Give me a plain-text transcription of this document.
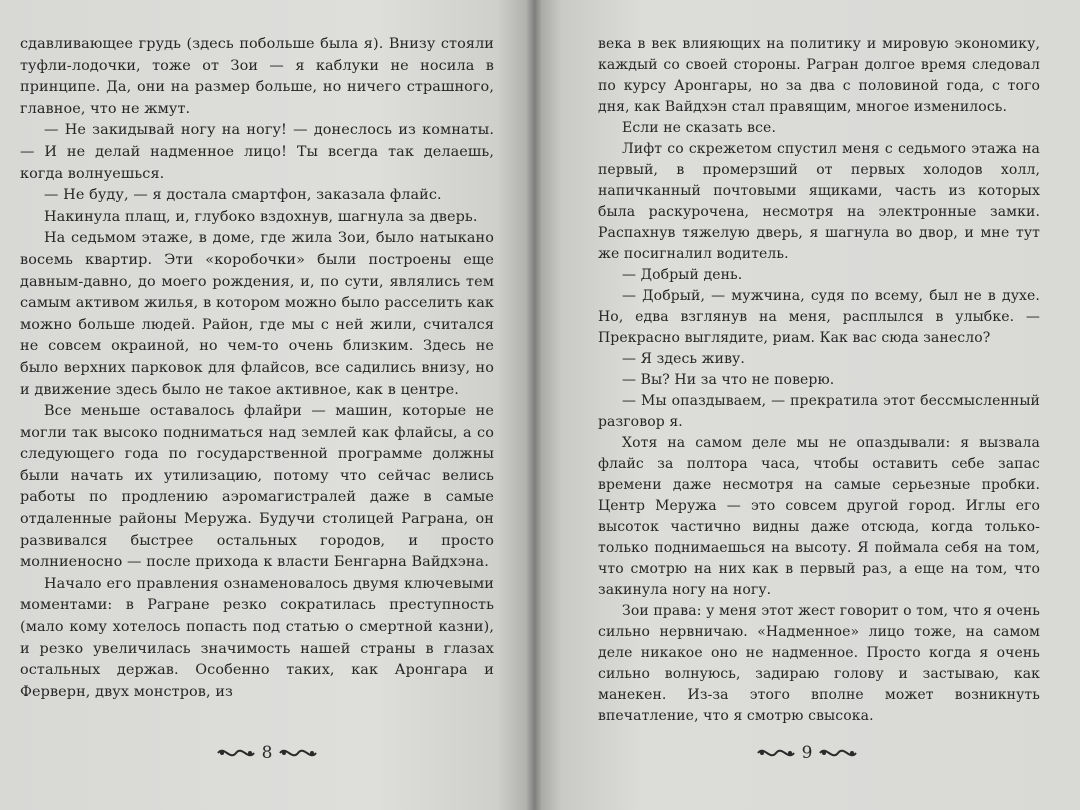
сдавливающее грудь (здесь побольше была я). Внизу стояли туфли-лодочки, тоже от Зои — я каблуки не носила в принципе. Да, они на размер больше, но ничего страшного, главное, что не жмут.

— Не закидывай ногу на ногу! — донеслось из комнаты. — И не делай надменное лицо! Ты всегда так делаешь, когда волнуешься.

— Не буду, — я достала смартфон, заказала флайс.

Накинула плащ, и, глубоко вздохнув, шагнула за дверь.

На седьмом этаже, в доме, где жила Зои, было натыкано восемь квартир. Эти «коробочки» были построены еще давным-давно, до моего рождения, и, по сути, являлись тем самым активом жилья, в котором можно было расселить как можно больше людей. Район, где мы с ней жили, считался не совсем окраиной, но чем-то очень близким. Здесь не было верхних парковок для флайсов, все садились внизу, но и движение здесь было не такое активное, как в центре.

Все меньше оставалось флайри — машин, которые не могли так высоко подниматься над землей как флайсы, а со следующего года по государственной программе должны были начать их утилизацию, потому что сейчас велись работы по продлению аэромагистралей даже в самые отдаленные районы Меружа. Будучи столицей Раграна, он развивался быстрее остальных городов, и просто молниеносно — после прихода к власти Бенгарна Вайдхэна.

Начало его правления ознаменовалось двумя ключевыми моментами: в Рагране резко сократилась преступность (мало кому хотелось попасть под статью о смертной казни), и резко увеличилась значимость нашей страны в глазах остальных держав. Особенно таких, как Аронгара и Ферверн, двух монстров, из

8

века в век влияющих на политику и мировую экономику, каждый со своей стороны. Рагран долгое время следовал по курсу Аронгары, но за два с половиной года, с того дня, как Вайдхэн стал правящим, многое изменилось.

Если не сказать все.

Лифт со скрежетом спустил меня с седьмого этажа на первый, в промерзший от первых холодов холл, напичканный почтовыми ящиками, часть из которых была раскурочена, несмотря на электронные замки. Распахнув тяжелую дверь, я шагнула во двор, и мне тут же посигналил водитель.

— Добрый день.

— Добрый, — мужчина, судя по всему, был не в духе. Но, едва взглянув на меня, расплылся в улыбке. — Прекрасно выглядите, риам. Как вас сюда занесло?

— Я здесь живу.

— Вы? Ни за что не поверю.

— Мы опаздываем, — прекратила этот бессмысленный разговор я.

Хотя на самом деле мы не опаздывали: я вызвала флайс за полтора часа, чтобы оставить себе запас времени даже несмотря на самые серьезные пробки. Центр Меружа — это совсем другой город. Иглы его высоток частично видны даже отсюда, когда только-только поднимаешься на высоту. Я поймала себя на том, что смотрю на них как в первый раз, а еще на том, что закинула ногу на ногу.

Зои права: у меня этот жест говорит о том, что я очень сильно нервничаю. «Надменное» лицо тоже, на самом деле никакое оно не надменное. Просто когда я очень сильно волнуюсь, задираю голову и застываю, как манекен. Из-за этого вполне может возникнуть впечатление, что я смотрю свысока.

9
